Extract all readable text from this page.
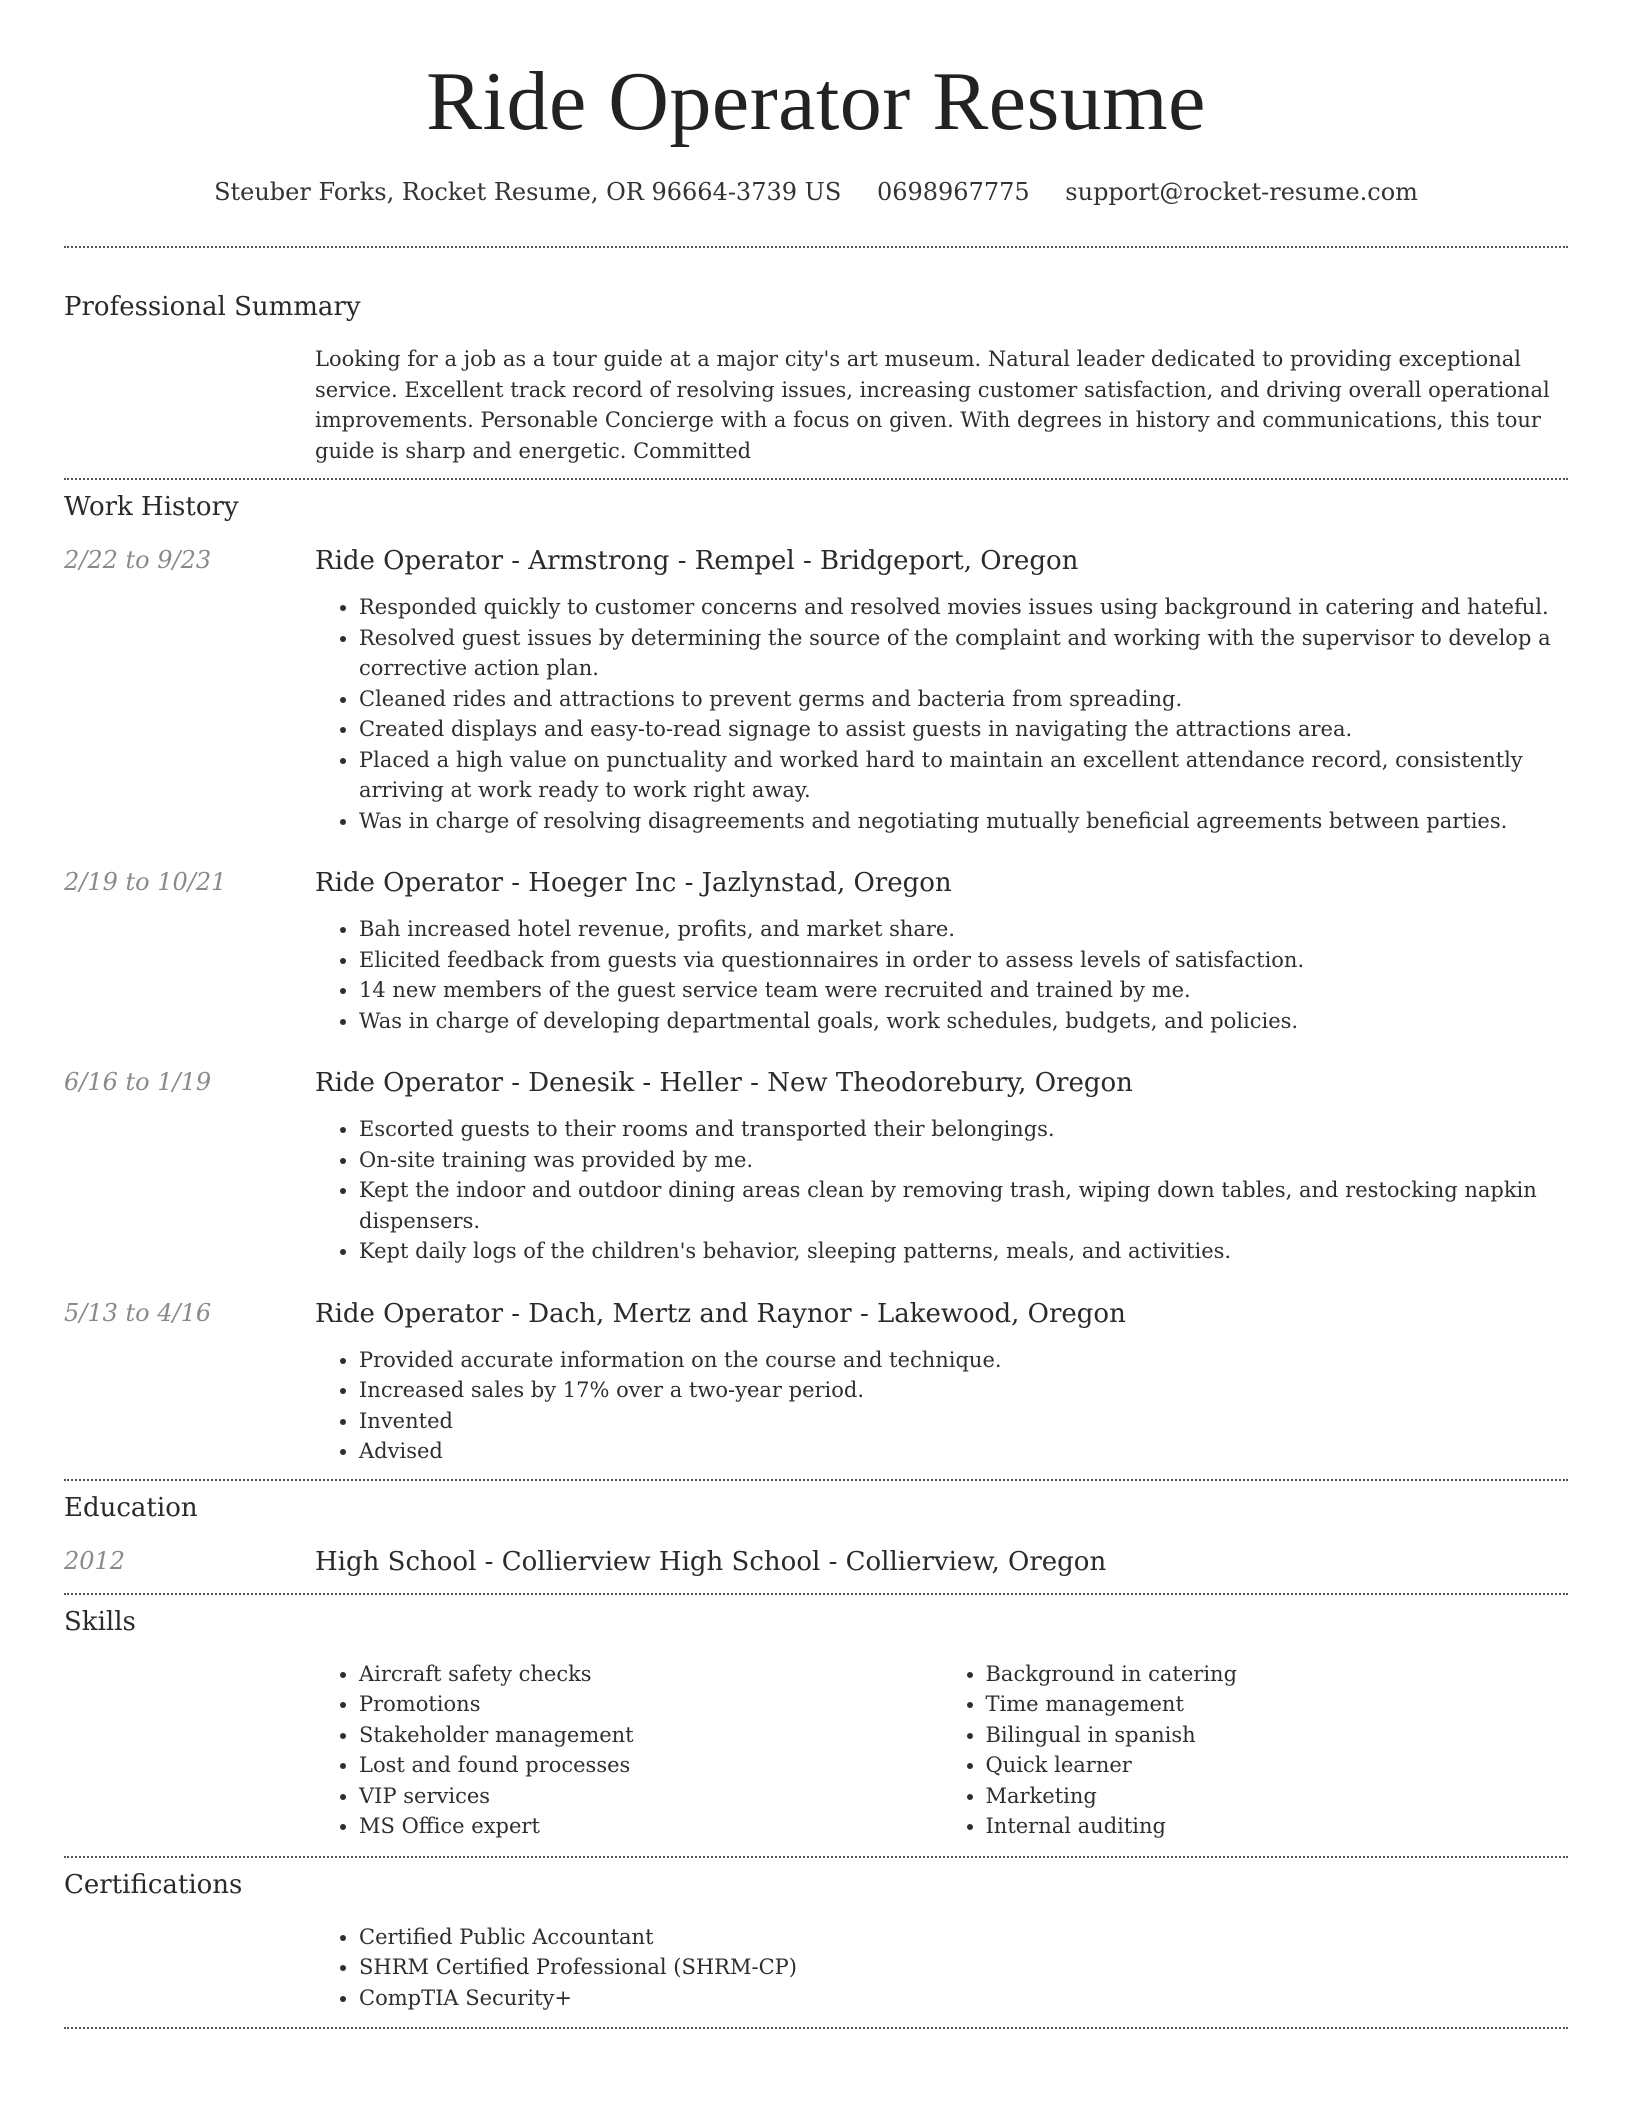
Ride Operator Resume
Steuber Forks, Rocket Resume, OR 96664-3739 US 0698967775 support@rocket-resume.com
Professional Summary

Looking for a job as a tour guide at a major city's art museum. Natural leader dedicated to providing exceptional service. Excellent track record of resolving issues, increasing customer satisfaction, and driving overall operational improvements. Personable Concierge with a focus on given. With degrees in history and communications, this tour guide is sharp and energetic. Committed

Work History
2/22 to 9/23	Ride Operator - Armstrong - Rempel - Bridgeport, Oregon
• Responded quickly to customer concerns and resolved movies issues using background in catering and hateful.
• Resolved guest issues by determining the source of the complaint and working with the supervisor to develop a corrective action plan.
• Cleaned rides and attractions to prevent germs and bacteria from spreading.
• Created displays and easy-to-read signage to assist guests in navigating the attractions area.
• Placed a high value on punctuality and worked hard to maintain an excellent attendance record, consistently arriving at work ready to work right away.
• Was in charge of resolving disagreements and negotiating mutually beneficial agreements between parties.
2/19 to 10/21	Ride Operator - Hoeger Inc - Jazlynstad, Oregon
• Bah increased hotel revenue, profits, and market share.
• Elicited feedback from guests via questionnaires in order to assess levels of satisfaction.
• 14 new members of the guest service team were recruited and trained by me.
• Was in charge of developing departmental goals, work schedules, budgets, and policies.
6/16 to 1/19	Ride Operator - Denesik - Heller - New Theodorebury, Oregon
• Escorted guests to their rooms and transported their belongings.
• On-site training was provided by me.
• Kept the indoor and outdoor dining areas clean by removing trash, wiping down tables, and restocking napkin dispensers.
• Kept daily logs of the children's behavior, sleeping patterns, meals, and activities.
5/13 to 4/16	Ride Operator - Dach, Mertz and Raynor - Lakewood, Oregon
• Provided accurate information on the course and technique.
• Increased sales by 17% over a two-year period.
• Invented
• Advised
Education
2012	High School - Collierview High School - Collierview, Oregon
Skills
• Aircraft safety checks
• Promotions
• Stakeholder management
• Lost and found processes
• VIP services
• MS Office expert
• Background in catering
• Time management
• Bilingual in spanish
• Quick learner
• Marketing
• Internal auditing
Certifications
• Certified Public Accountant
• SHRM Certified Professional (SHRM-CP)
• CompTIA Security+
